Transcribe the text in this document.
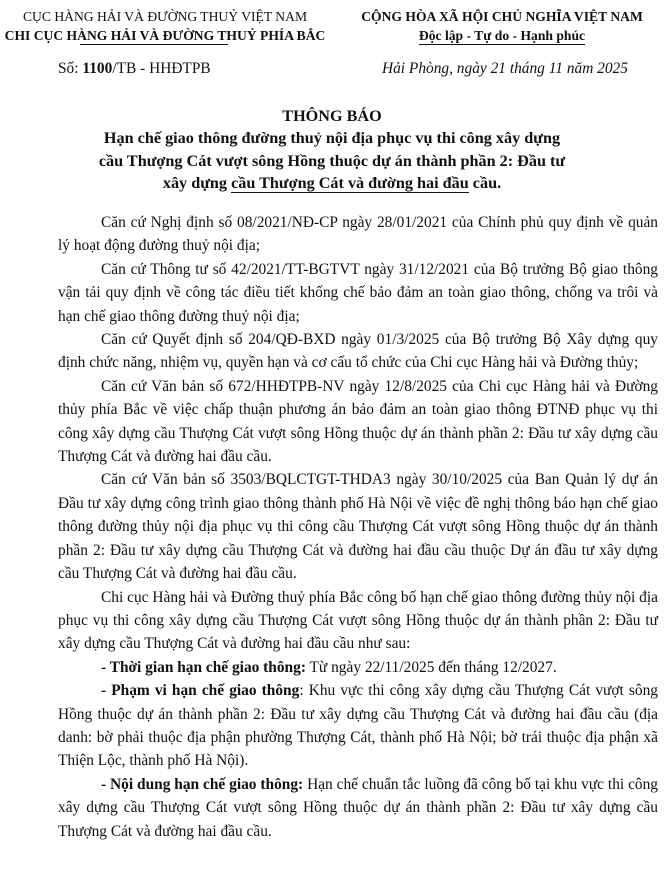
CỤC HÀNG HẢI VÀ ĐƯỜNG THUỶ VIỆT NAM
CHI CỤC HÀNG HẢI VÀ ĐƯỜNG THUỶ PHÍA BẮC
CỘNG HÒA XÃ HỘI CHỦ NGHĨA VIỆT NAM
Độc lập - Tự do - Hạnh phúc
Số: 1100/TB - HHĐTPB	Hải Phòng, ngày 21 tháng 11 năm 2025
THÔNG BÁO
Hạn chế giao thông đường thuỷ nội địa phục vụ thi công xây dựng
cầu Thượng Cát vượt sông Hồng thuộc dự án thành phần 2: Đầu tư
xây dựng cầu Thượng Cát và đường hai đầu cầu.

Căn cứ Nghị định số 08/2021/NĐ-CP ngày 28/01/2021 của Chính phủ quy định về quản lý hoạt động đường thuỷ nội địa;

Căn cứ Thông tư số 42/2021/TT-BGTVT ngày 31/12/2021 của Bộ trưởng Bộ giao thông vận tải quy định về công tác điều tiết khống chế bảo đảm an toàn giao thông, chống va trôi và hạn chế giao thông đường thuỷ nội địa;

Căn cứ Quyết định số 204/QĐ-BXD ngày 01/3/2025 của Bộ trưởng Bộ Xây dựng quy định chức năng, nhiệm vụ, quyền hạn và cơ cấu tổ chức của Chi cục Hàng hải và Đường thủy;

Căn cứ Văn bản số 672/HHĐTPB-NV ngày 12/8/2025 của Chi cục Hàng hải và Đường thủy phía Bắc về việc chấp thuận phương án bảo đảm an toàn giao thông ĐTNĐ phục vụ thi công xây dựng cầu Thượng Cát vượt sông Hồng thuộc dự án thành phần 2: Đầu tư xây dựng cầu Thượng Cát và đường hai đầu cầu.

Căn cứ Văn bản số 3503/BQLCTGT-THDA3 ngày 30/10/2025 của Ban Quản lý dự án Đầu tư xây dựng công trình giao thông thành phố Hà Nội về việc đề nghị thông báo hạn chế giao thông đường thủy nội địa phục vụ thi công cầu Thượng Cát vượt sông Hồng thuộc dự án thành phần 2: Đầu tư xây dựng cầu Thượng Cát và đường hai đầu cầu thuộc Dự án đầu tư xây dựng cầu Thượng Cát và đường hai đầu cầu.

Chi cục Hàng hải và Đường thuỷ phía Bắc công bố hạn chế giao thông đường thủy nội địa phục vụ thi công xây dựng cầu Thượng Cát vượt sông Hồng thuộc dự án thành phần 2: Đầu tư xây dựng cầu Thượng Cát và đường hai đầu cầu như sau:

- Thời gian hạn chế giao thông: Từ ngày 22/11/2025 đến tháng 12/2027.

- Phạm vi hạn chế giao thông: Khu vực thi công xây dựng cầu Thượng Cát vượt sông Hồng thuộc dự án thành phần 2: Đầu tư xây dựng cầu Thượng Cát và đường hai đầu cầu (địa danh: bờ phải thuộc địa phận phường Thượng Cát, thành phố Hà Nội; bờ trái thuộc địa phận xã Thiện Lộc, thành phố Hà Nội).

- Nội dung hạn chế giao thông: Hạn chế chuẩn tắc luồng đã công bố tại khu vực thi công xây dựng cầu Thượng Cát vượt sông Hồng thuộc dự án thành phần 2: Đầu tư xây dựng cầu Thượng Cát và đường hai đầu cầu.
